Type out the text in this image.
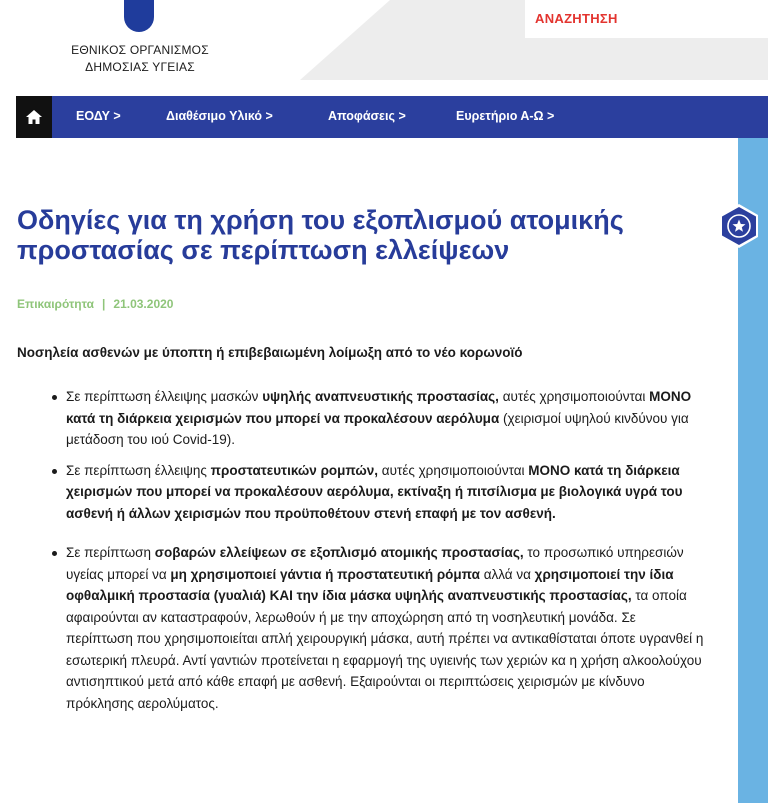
ΕΘΝΙΚΟΣ ΟΡΓΑΝΙΣΜΟΣ
ΔΗΜΟΣΙΑΣ ΥΓΕΙΑΣ
ΑΝΑΖΗΤΗΣΗ
ΕΟΔΥ >	Διαθέσιμο Υλικό >	Αποφάσεις >	Ευρετήριο Α-Ω >
Οδηγίες για τη χρήση του εξοπλισμού ατομικής προστασίας σε περίπτωση ελλείψεων
Επικαιρότητα | 21.03.2020
Νοσηλεία ασθενών με ύποπτη ή επιβεβαιωμένη λοίμωξη από το νέο κορωνοϊό
Σε περίπτωση έλλειψης μασκών υψηλής αναπνευστικής προστασίας, αυτές χρησιμοποιούνται ΜΟΝΟ κατά τη διάρκεια χειρισμών που μπορεί να προκαλέσουν αερόλυμα (χειρισμοί υψηλού κινδύνου για μετάδοση του ιού Covid-19).
Σε περίπτωση έλλειψης προστατευτικών ρομπών, αυτές χρησιμοποιούνται ΜΟΝΟ κατά τη διάρκεια χειρισμών που μπορεί να προκαλέσουν αερόλυμα, εκτίναξη ή πιτσίλισμα με βιολογικά υγρά του ασθενή ή άλλων χειρισμών που προϋποθέτουν στενή επαφή με τον ασθενή.
Σε περίπτωση σοβαρών ελλείψεων σε εξοπλισμό ατομικής προστασίας, το προσωπικό υπηρεσιών υγείας μπορεί να μη χρησιμοποιεί γάντια ή προστατευτική ρόμπα αλλά να χρησιμοποιεί την ίδια οφθαλμική προστασία (γυαλιά) ΚΑΙ την ίδια μάσκα υψηλής αναπνευστικής προστασίας, τα οποία αφαιρούνται αν καταστραφούν, λερωθούν ή με την αποχώρηση από τη νοσηλευτική μονάδα. Σε περίπτωση που χρησιμοποιείται απλή χειρουργική μάσκα, αυτή πρέπει να αντικαθίσταται όποτε υγρανθεί η εσωτερική πλευρά. Αντί γαντιών προτείνεται η εφαρμογή της υγιεινής των χεριών κα η χρήση αλκοολούχου αντισηπτικού μετά από κάθε επαφή με ασθενή. Εξαιρούνται οι περιπτώσεις χειρισμών με κίνδυνο πρόκλησης αερολύματος.
